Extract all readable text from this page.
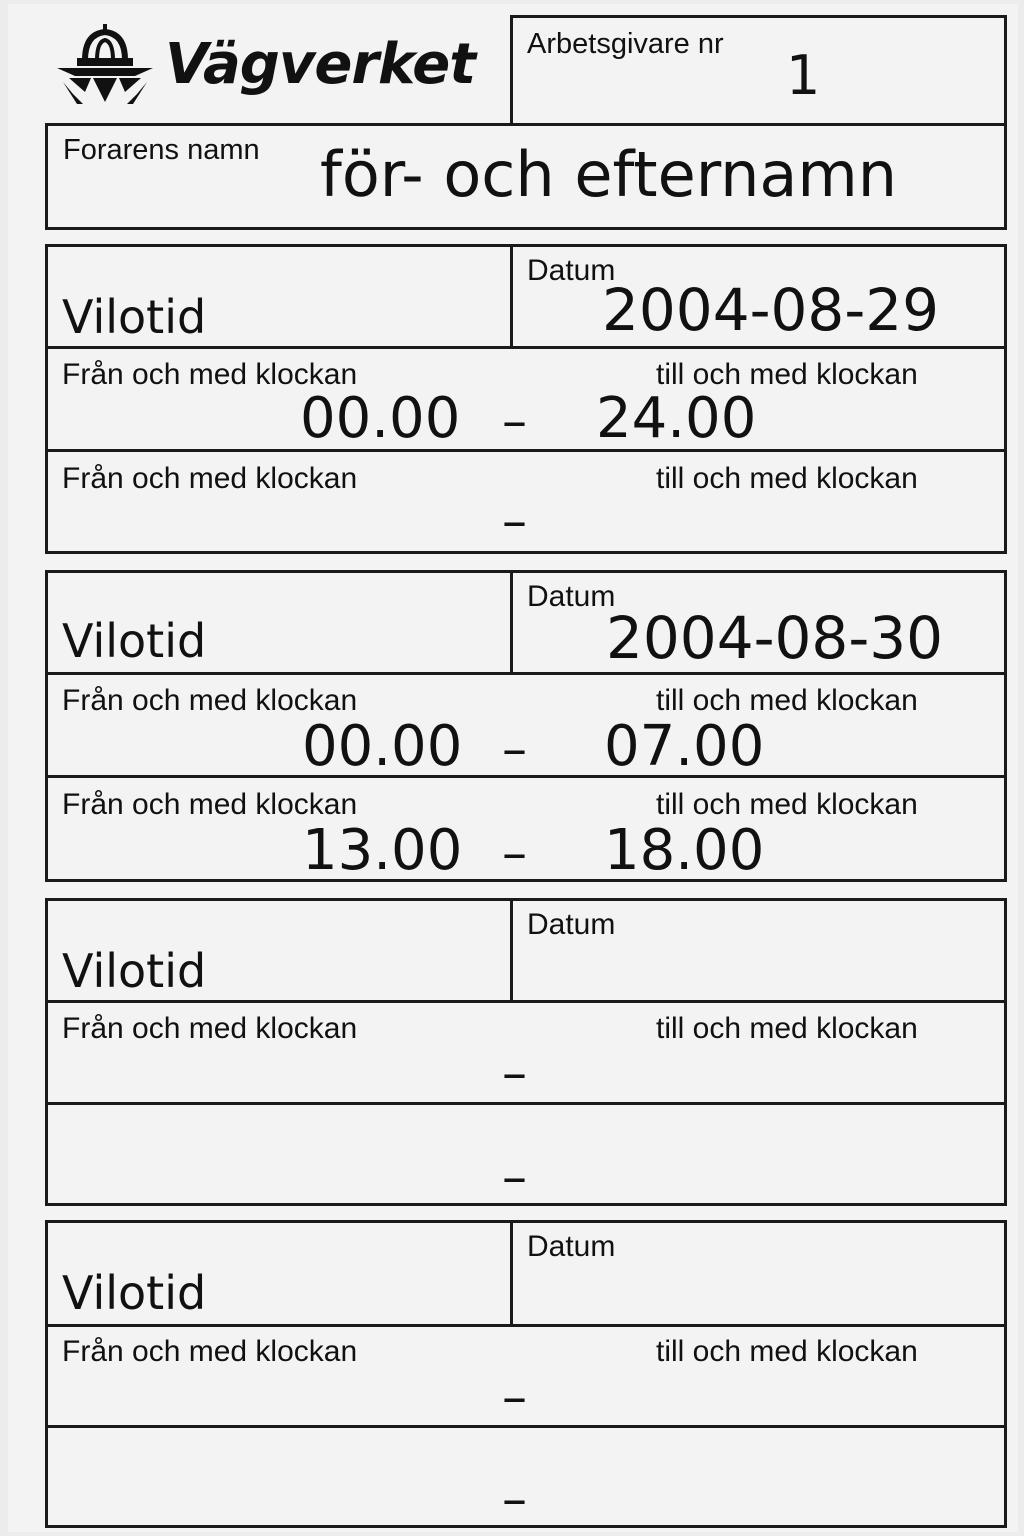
Vägverket Arbetsgivare nr 1
Forarens namn för- och efternamn
Vilotid
Datum
2004-08-29
Från och med klockan	till och med klockan
00.00 – 24.00
Från och med klockan	till och med klockan
–
Vilotid
Datum
2004-08-30
Från och med klockan	till och med klockan
00.00 – 07.00
Från och med klockan	till och med klockan
13.00 – 18.00
Vilotid
Datum
Från och med klockan	till och med klockan
–
–
Vilotid
Datum
Från och med klockan	till och med klockan
–
–
